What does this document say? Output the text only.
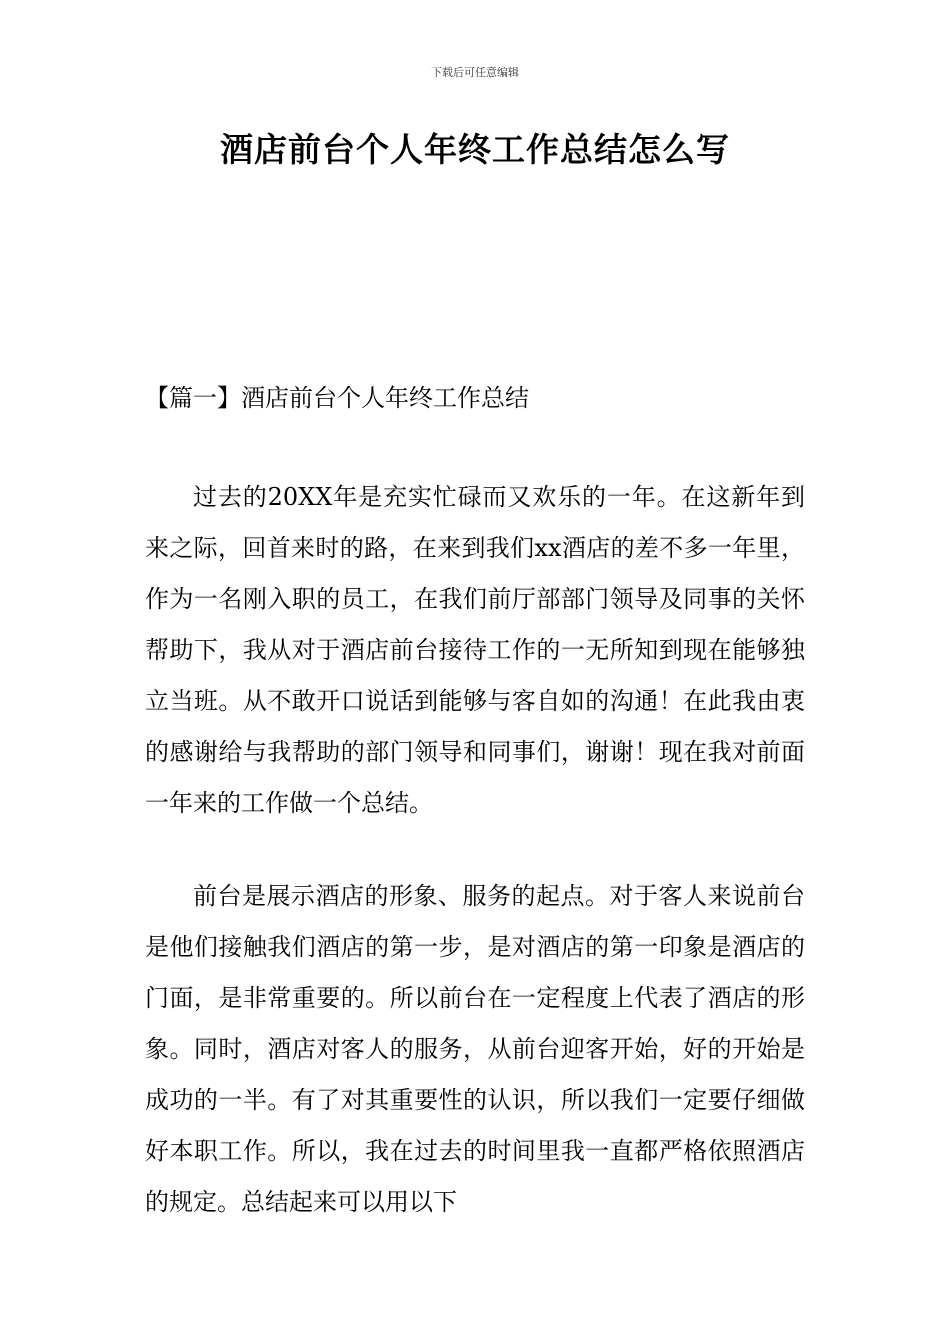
下载后可任意编辑
酒店前台个人年终工作总结怎么写
【篇一】酒店前台个人年终工作总结

过去的20XX年是充实忙碌而又欢乐的一年。在这新年到来之际，回首来时的路，在来到我们xx酒店的差不多一年里，作为一名刚入职的员工，在我们前厅部部门领导及同事的关怀帮助下，我从对于酒店前台接待工作的一无所知到现在能够独立当班。从不敢开口说话到能够与客自如的沟通！在此我由衷的感谢给与我帮助的部门领导和同事们，谢谢！现在我对前面一年来的工作做一个总结。

前台是展示酒店的形象、服务的起点。对于客人来说前台是他们接触我们酒店的第一步，是对酒店的第一印象是酒店的门面，是非常重要的。所以前台在一定程度上代表了酒店的形象。同时，酒店对客人的服务，从前台迎客开始，好的开始是成功的一半。有了对其重要性的认识，所以我们一定要仔细做好本职工作。所以，我在过去的时间里我一直都严格依照酒店的规定。总结起来可以用以下
